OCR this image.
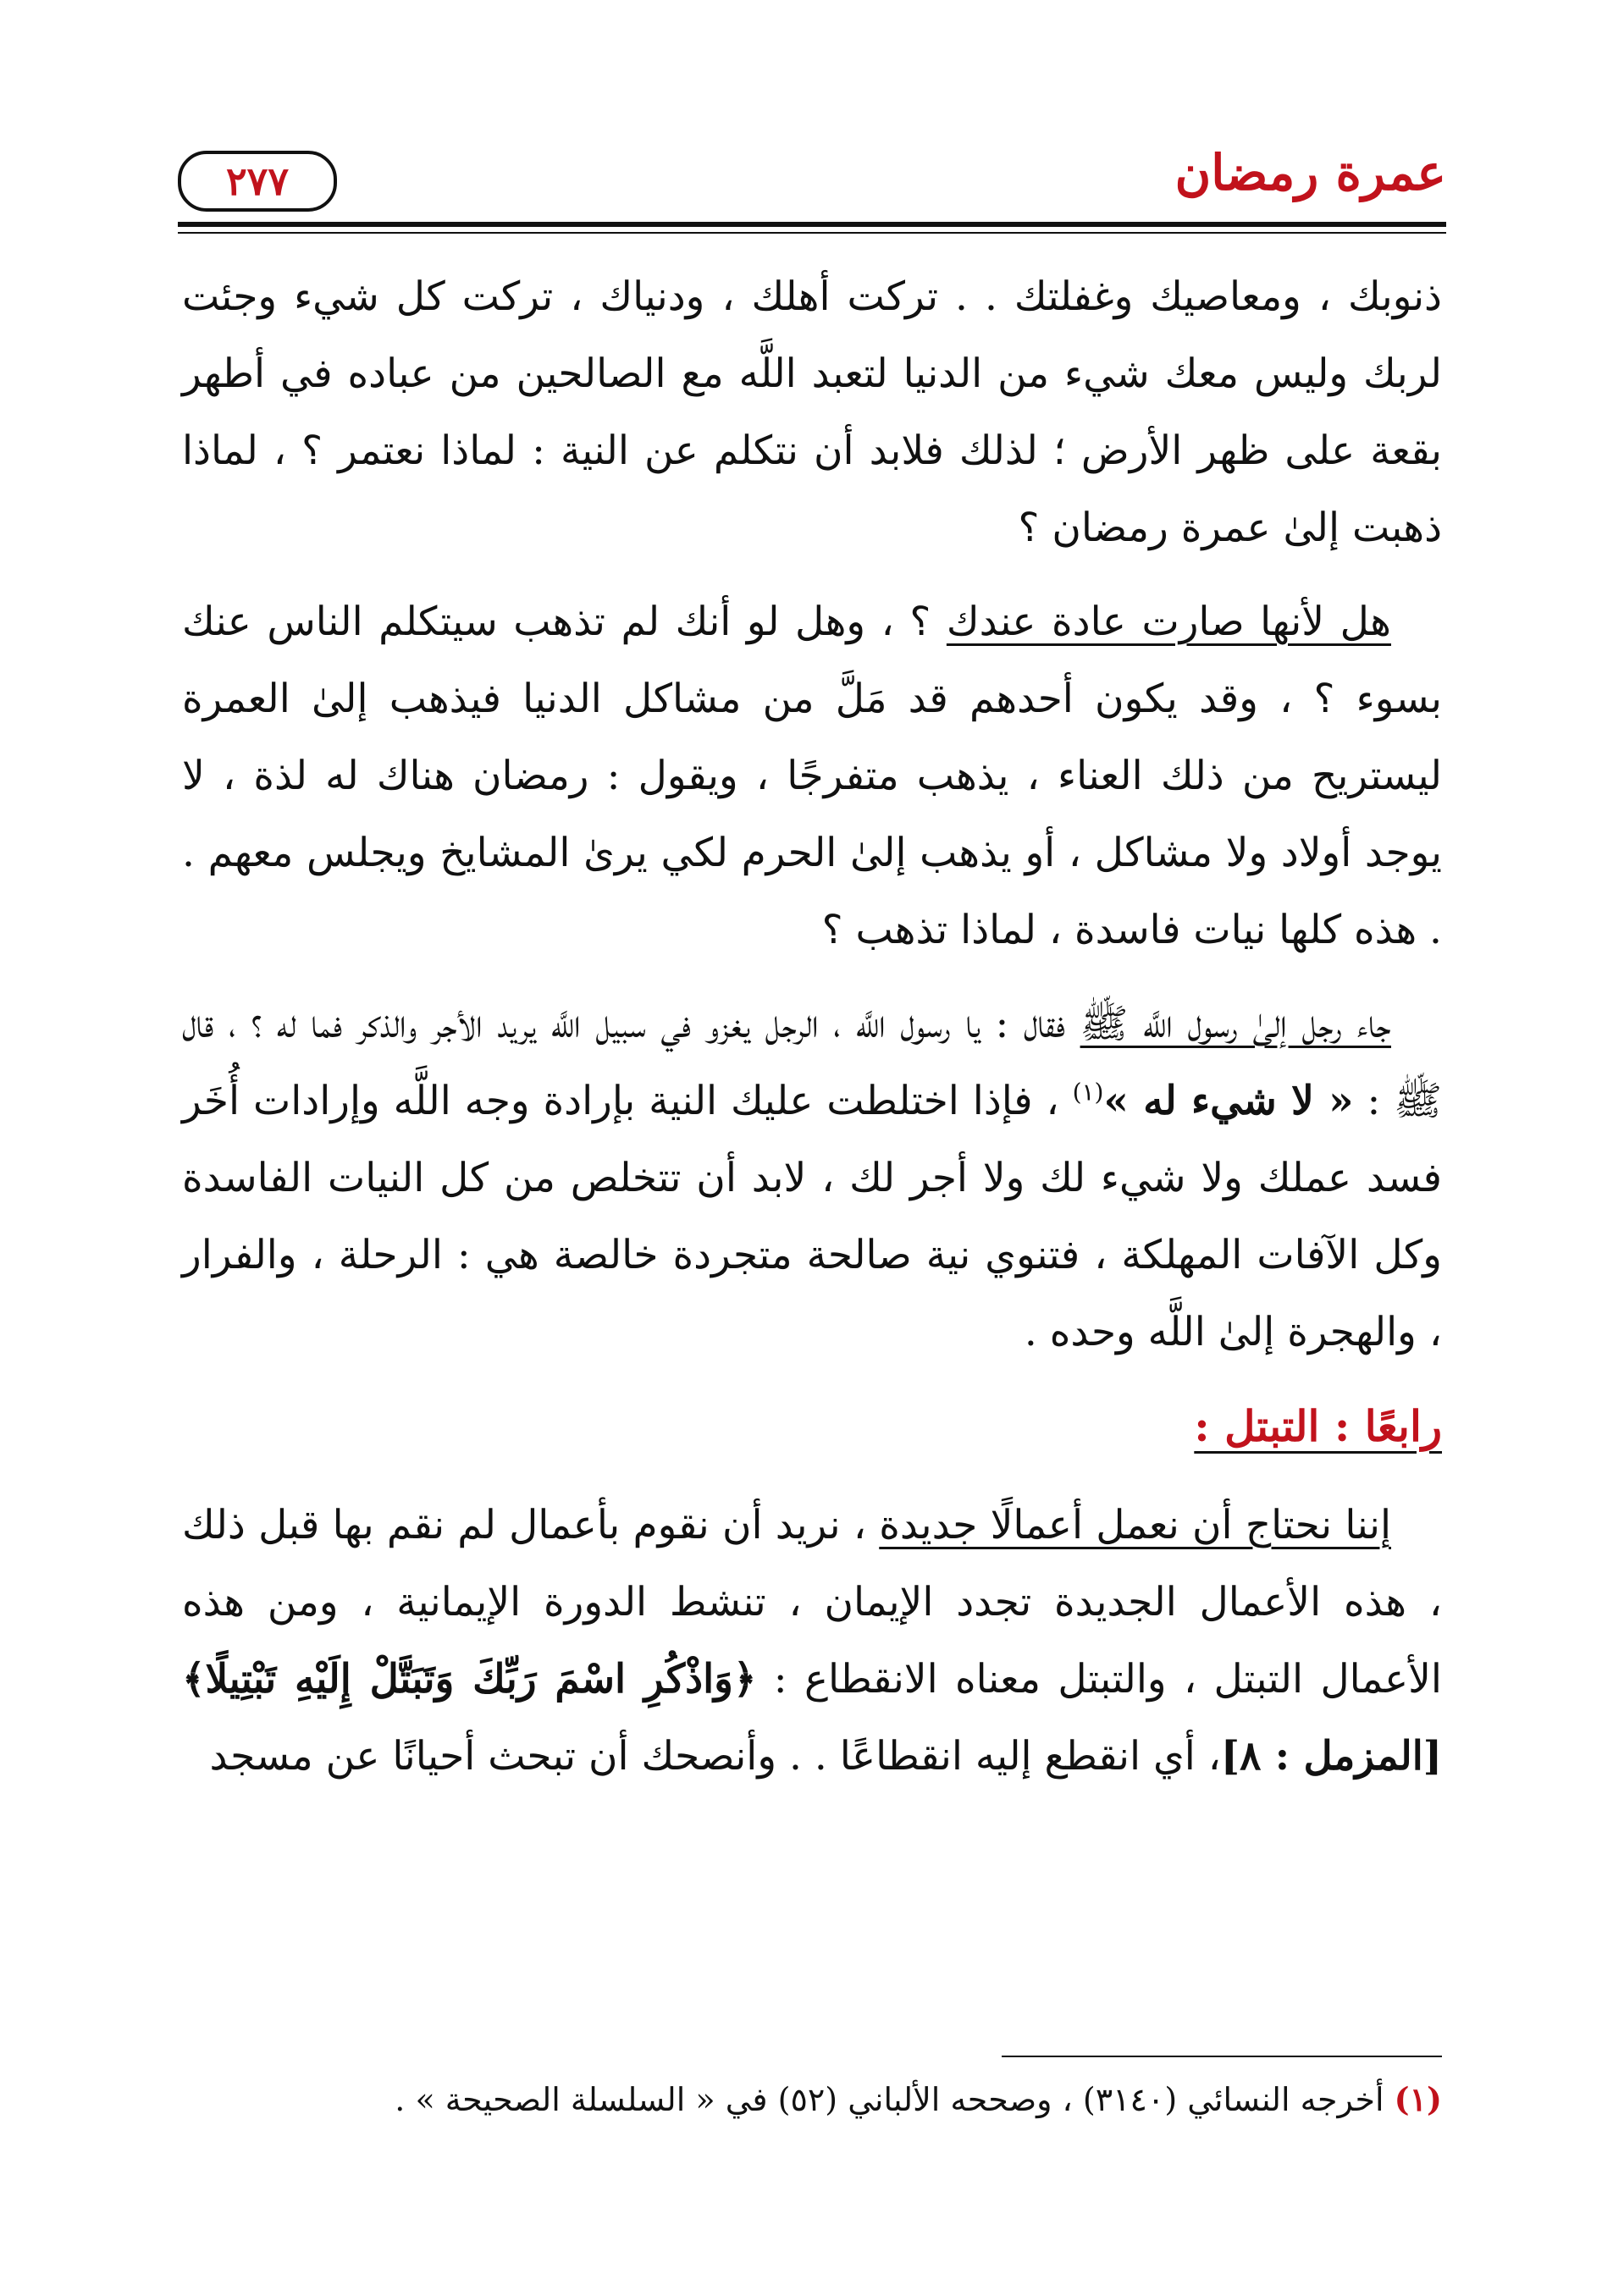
عمرة رمضان
٢٧٧

ذنوبك ، ومعاصيك وغفلتك . . تركت أهلك ، ودنياك ، تركت كل شيء وجئت لربك وليس معك شيء من الدنيا لتعبد اللَّه مع الصالحين من عباده في أطهر بقعة على ظهر الأرض ؛ لذلك فلابد أن نتكلم عن النية : لماذا نعتمر ؟ ، لماذا ذهبت إلىٰ عمرة رمضان ؟

هل لأنها صارت عادة عندك ؟ ، وهل لو أنك لم تذهب سيتكلم الناس عنك بسوء ؟ ، وقد يكون أحدهم قد مَلَّ من مشاكل الدنيا فيذهب إلىٰ العمرة ليستريح من ذلك العناء ، يذهب متفرجًا ، ويقول : رمضان هناك له لذة ، لا يوجد أولاد ولا مشاكل ، أو يذهب إلىٰ الحرم لكي يرىٰ المشايخ ويجلس معهم . . هذه كلها نيات فاسدة ، لماذا تذهب ؟

جاء رجل إلىٰ رسول اللَّه ﷺ فقال : يا رسول اللَّه ، الرجل يغزو في سبيل اللَّه يريد الأجر والذكر فما له ؟ ، قال ﷺ : « لا شيء له »$^{(١)}$ ، فإذا اختلطت عليك النية بإرادة وجه اللَّه وإرادات أُخَر فسد عملك ولا شيء لك ولا أجر لك ، لابد أن تتخلص من كل النيات الفاسدة وكل الآفات المهلكة ، فتنوي نية صالحة متجردة خالصة هي : الرحلة ، والفرار ، والهجرة إلىٰ اللَّه وحده .

رابعًا : التبتل :

إننا نحتاج أن نعمل أعمالًا جديدة ، نريد أن نقوم بأعمال لم نقم بها قبل ذلك ، هذه الأعمال الجديدة تجدد الإيمان ، تنشط الدورة الإيمانية ، ومن هذه الأعمال التبتل ، والتبتل معناه الانقطاع : ﴿وَاذْكُرِ اسْمَ رَبِّكَ وَتَبَتَّلْ إِلَيْهِ تَبْتِيلًا﴾ [المزمل : ٨]، أي انقطع إليه انقطاعًا . . وأنصحك أن تبحث أحيانًا عن مسجد

(١) أخرجه النسائي (٣١٤٠) ، وصححه الألباني (٥٢) في « السلسلة الصحيحة » .
